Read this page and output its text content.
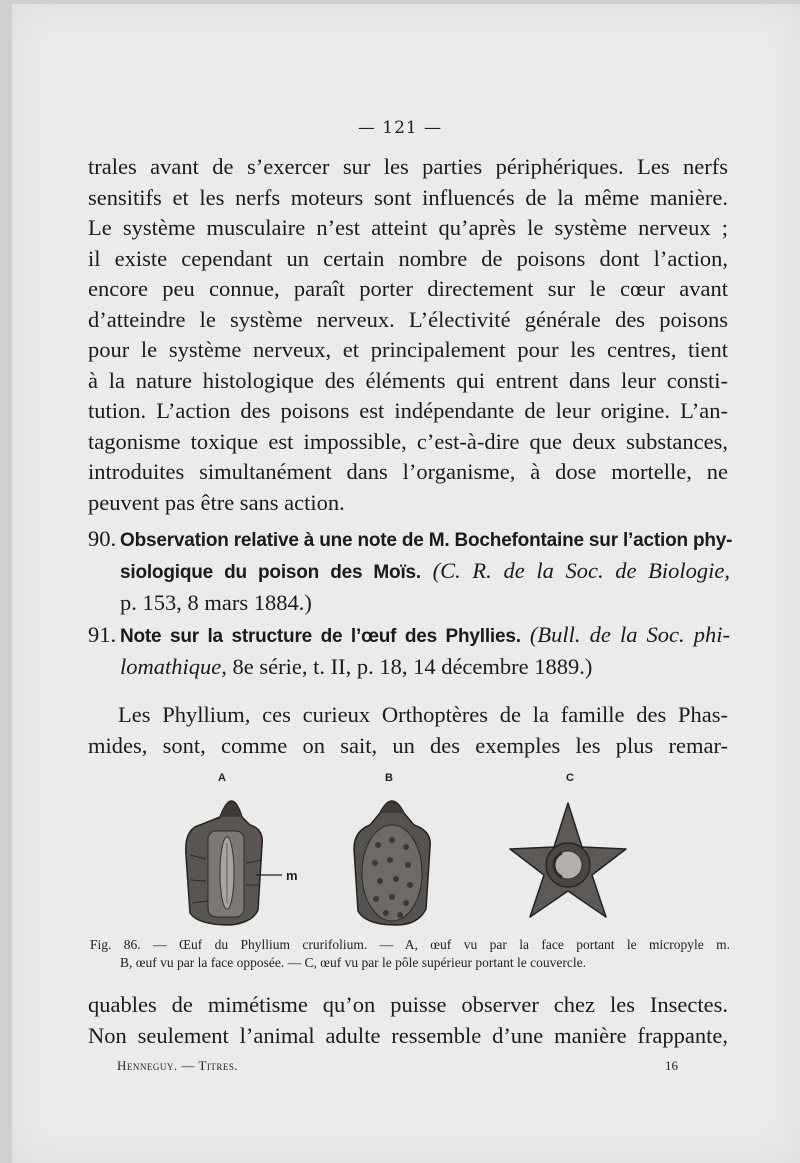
— 121 —
trales avant de s’exercer sur les parties périphériques. Les nerfs
sensitifs et les nerfs moteurs sont influencés de la même manière.
Le système musculaire n’est atteint qu’après le système nerveux ;
il existe cependant un certain nombre de poisons dont l’action,
encore peu connue, paraît porter directement sur le cœur avant
d’atteindre le système nerveux. L’électivité générale des poisons
pour le système nerveux, et principalement pour les centres, tient
à la nature histologique des éléments qui entrent dans leur consti-
tution. L’action des poisons est indépendante de leur origine. L’an-
tagonisme toxique est impossible, c’est-à-dire que deux substances,
introduites simultanément dans l’organisme, à dose mortelle, ne
peuvent pas être sans action.
90. Observation relative à une note de M. Bochefontaine sur l’action phy-
siologique du poison des Moïs. (C. R. de la Soc. de Biologie,
p. 153, 8 mars 1884.)
91. Note sur la structure de l’œuf des Phyllies. (Bull. de la Soc. phi-
lomathique, 8e série, t. II, p. 18, 14 décembre 1889.)
Les Phyllium, ces curieux Orthoptères de la famille des Phas-
mides, sont, comme on sait, un des exemples les plus remar-
A	B	C
m
Fig. 86. — Œuf du Phyllium crurifolium. — A, œuf vu par la face portant le micropyle m.
B, œuf vu par la face opposée. — C, œuf vu par le pôle supérieur portant le couvercle.
quables de mimétisme qu’on puisse observer chez les Insectes.
Non seulement l’animal adulte ressemble d’une manière frappante,
Henneguy. — Titres.	16
